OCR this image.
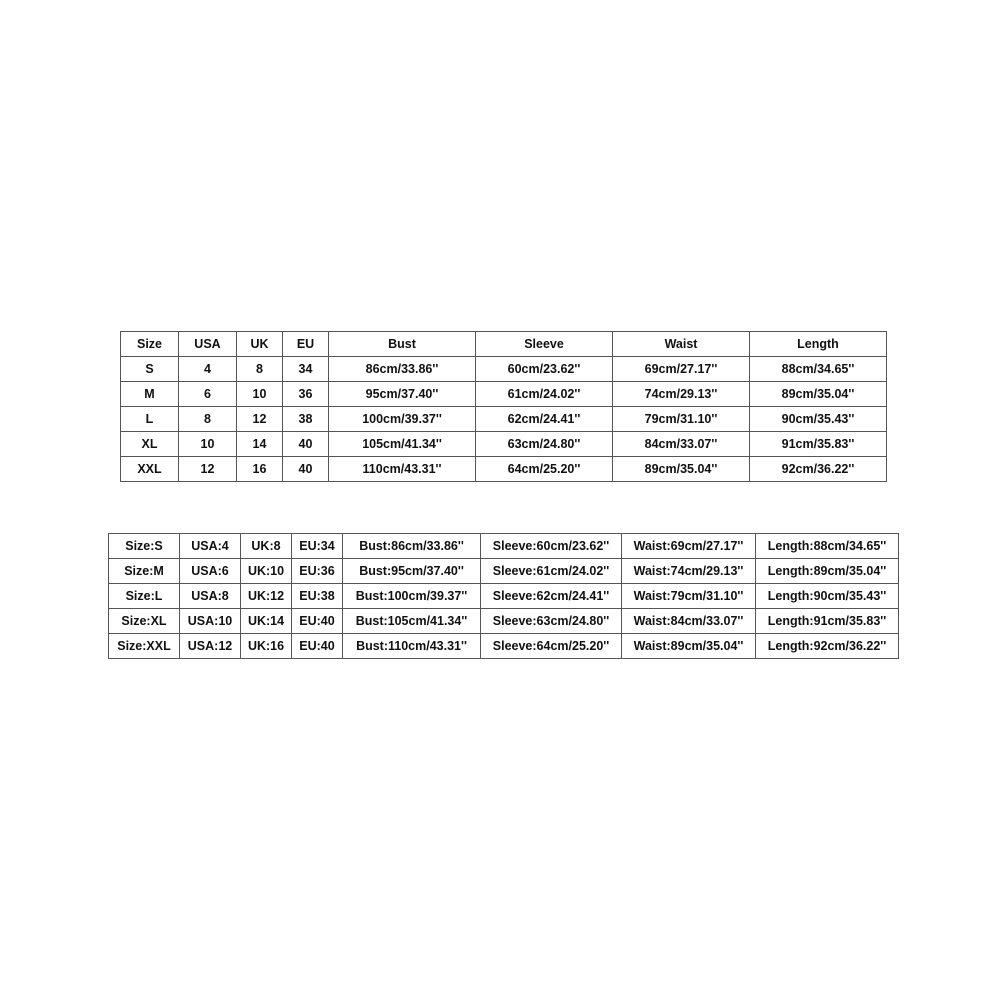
Size	USA	UK	EU	Bust	Sleeve	Waist	Length
S	4	8	34	86cm/33.86''	60cm/23.62''	69cm/27.17''	88cm/34.65''
M	6	10	36	95cm/37.40''	61cm/24.02''	74cm/29.13''	89cm/35.04''
L	8	12	38	100cm/39.37''	62cm/24.41''	79cm/31.10''	90cm/35.43''
XL	10	14	40	105cm/41.34''	63cm/24.80''	84cm/33.07''	91cm/35.83''
XXL	12	16	40	110cm/43.31''	64cm/25.20''	89cm/35.04''	92cm/36.22''
Size:S	USA:4	UK:8	EU:34	Bust:86cm/33.86''	Sleeve:60cm/23.62''	Waist:69cm/27.17''	Length:88cm/34.65''
Size:M	USA:6	UK:10	EU:36	Bust:95cm/37.40''	Sleeve:61cm/24.02''	Waist:74cm/29.13''	Length:89cm/35.04''
Size:L	USA:8	UK:12	EU:38	Bust:100cm/39.37''	Sleeve:62cm/24.41''	Waist:79cm/31.10''	Length:90cm/35.43''
Size:XL	USA:10	UK:14	EU:40	Bust:105cm/41.34''	Sleeve:63cm/24.80''	Waist:84cm/33.07''	Length:91cm/35.83''
Size:XXL	USA:12	UK:16	EU:40	Bust:110cm/43.31''	Sleeve:64cm/25.20''	Waist:89cm/35.04''	Length:92cm/36.22''
